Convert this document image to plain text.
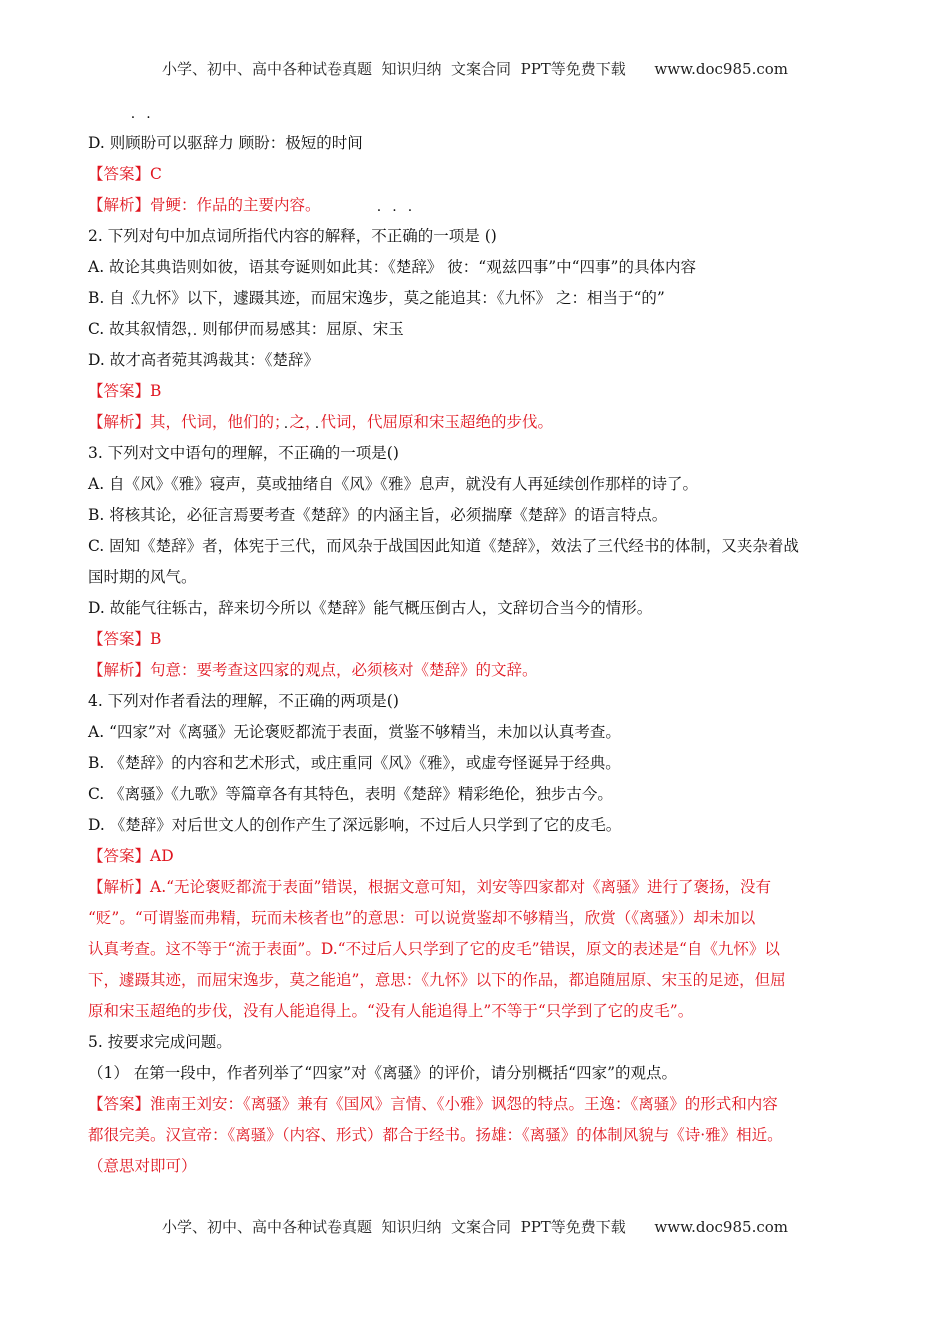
小学、初中、高中各种试卷真题  知识归纳  文案合同  PPT等免费下载      www.doc985.com
D. 则顾盼可以驱辞力 顾盼：极短的时间
【答案】C
【解析】骨鲠：作品的主要内容。
2. 下列对句中加点词所指代内容的解释，不正确的一项是 ()
A. 故论其典诰则如彼，语其夸诞则如此其：《楚辞》 彼：“观兹四事”中“四事”的具体内容
B. 自《九怀》以下，遽蹑其迹，而屈宋逸步，莫之能追其：《九怀》 之：相当于“的”
C. 故其叙情怨，则郁伊而易感其：屈原、宋玉
D. 故才高者菀其鸿裁其：《楚辞》
【答案】B
【解析】其，代词，他们的；之，代词，代屈原和宋玉超绝的步伐。
3. 下列对文中语句的理解，不正确的一项是()
A. 自《风》《雅》寝声，莫或抽绪自《风》《雅》息声，就没有人再延续创作那样的诗了。
B. 将核其论，必征言焉要考查《楚辞》的内涵主旨，必须揣摩《楚辞》的语言特点。
C. 固知《楚辞》者，体宪于三代，而风杂于战国因此知道《楚辞》，效法了三代经书的体制，又夹杂着战
国时期的风气。
D. 故能气往轹古，辞来切今所以《楚辞》能气概压倒古人，文辞切合当今的情形。
【答案】B
【解析】句意：要考查这四家的观点，必须核对《楚辞》的文辞。
4. 下列对作者看法的理解，不正确的两项是()
A. “四家”对《离骚》无论褒贬都流于表面，赏鉴不够精当，未加以认真考查。
B. 《楚辞》的内容和艺术形式，或庄重同《风》《雅》，或虚夸怪诞异于经典。
C. 《离骚》《九歌》等篇章各有其特色，表明《楚辞》精彩绝伦，独步古今。
D. 《楚辞》对后世文人的创作产生了深远影响，不过后人只学到了它的皮毛。
【答案】AD
【解析】A.“无论褒贬都流于表面”错误，根据文意可知，刘安等四家都对《离骚》进行了褒扬，没有
“贬”。“可谓鉴而弗精，玩而未核者也”的意思：可以说赏鉴却不够精当，欣赏（《离骚》）却未加以
认真考查。这不等于“流于表面”。D.“不过后人只学到了它的皮毛”错误，原文的表述是“自《九怀》以
下，遽蹑其迹，而屈宋逸步，莫之能追”，意思：《九怀》以下的作品，都追随屈原、宋玉的足迹，但屈
原和宋玉超绝的步伐，没有人能追得上。“没有人能追得上”不等于“只学到了它的皮毛”。
5. 按要求完成问题。
（1） 在第一段中，作者列举了“四家”对《离骚》的评价，请分别概括“四家”的观点。
【答案】淮南王刘安：《离骚》兼有《国风》言情、《小雅》讽怨的特点。王逸：《离骚》的形式和内容
都很完美。汉宣帝：《离骚》（内容、形式）都合于经书。扬雄：《离骚》的体制风貌与《诗·雅》相近。
（意思对即可）
小学、初中、高中各种试卷真题  知识归纳  文案合同  PPT等免费下载      www.doc985.com
